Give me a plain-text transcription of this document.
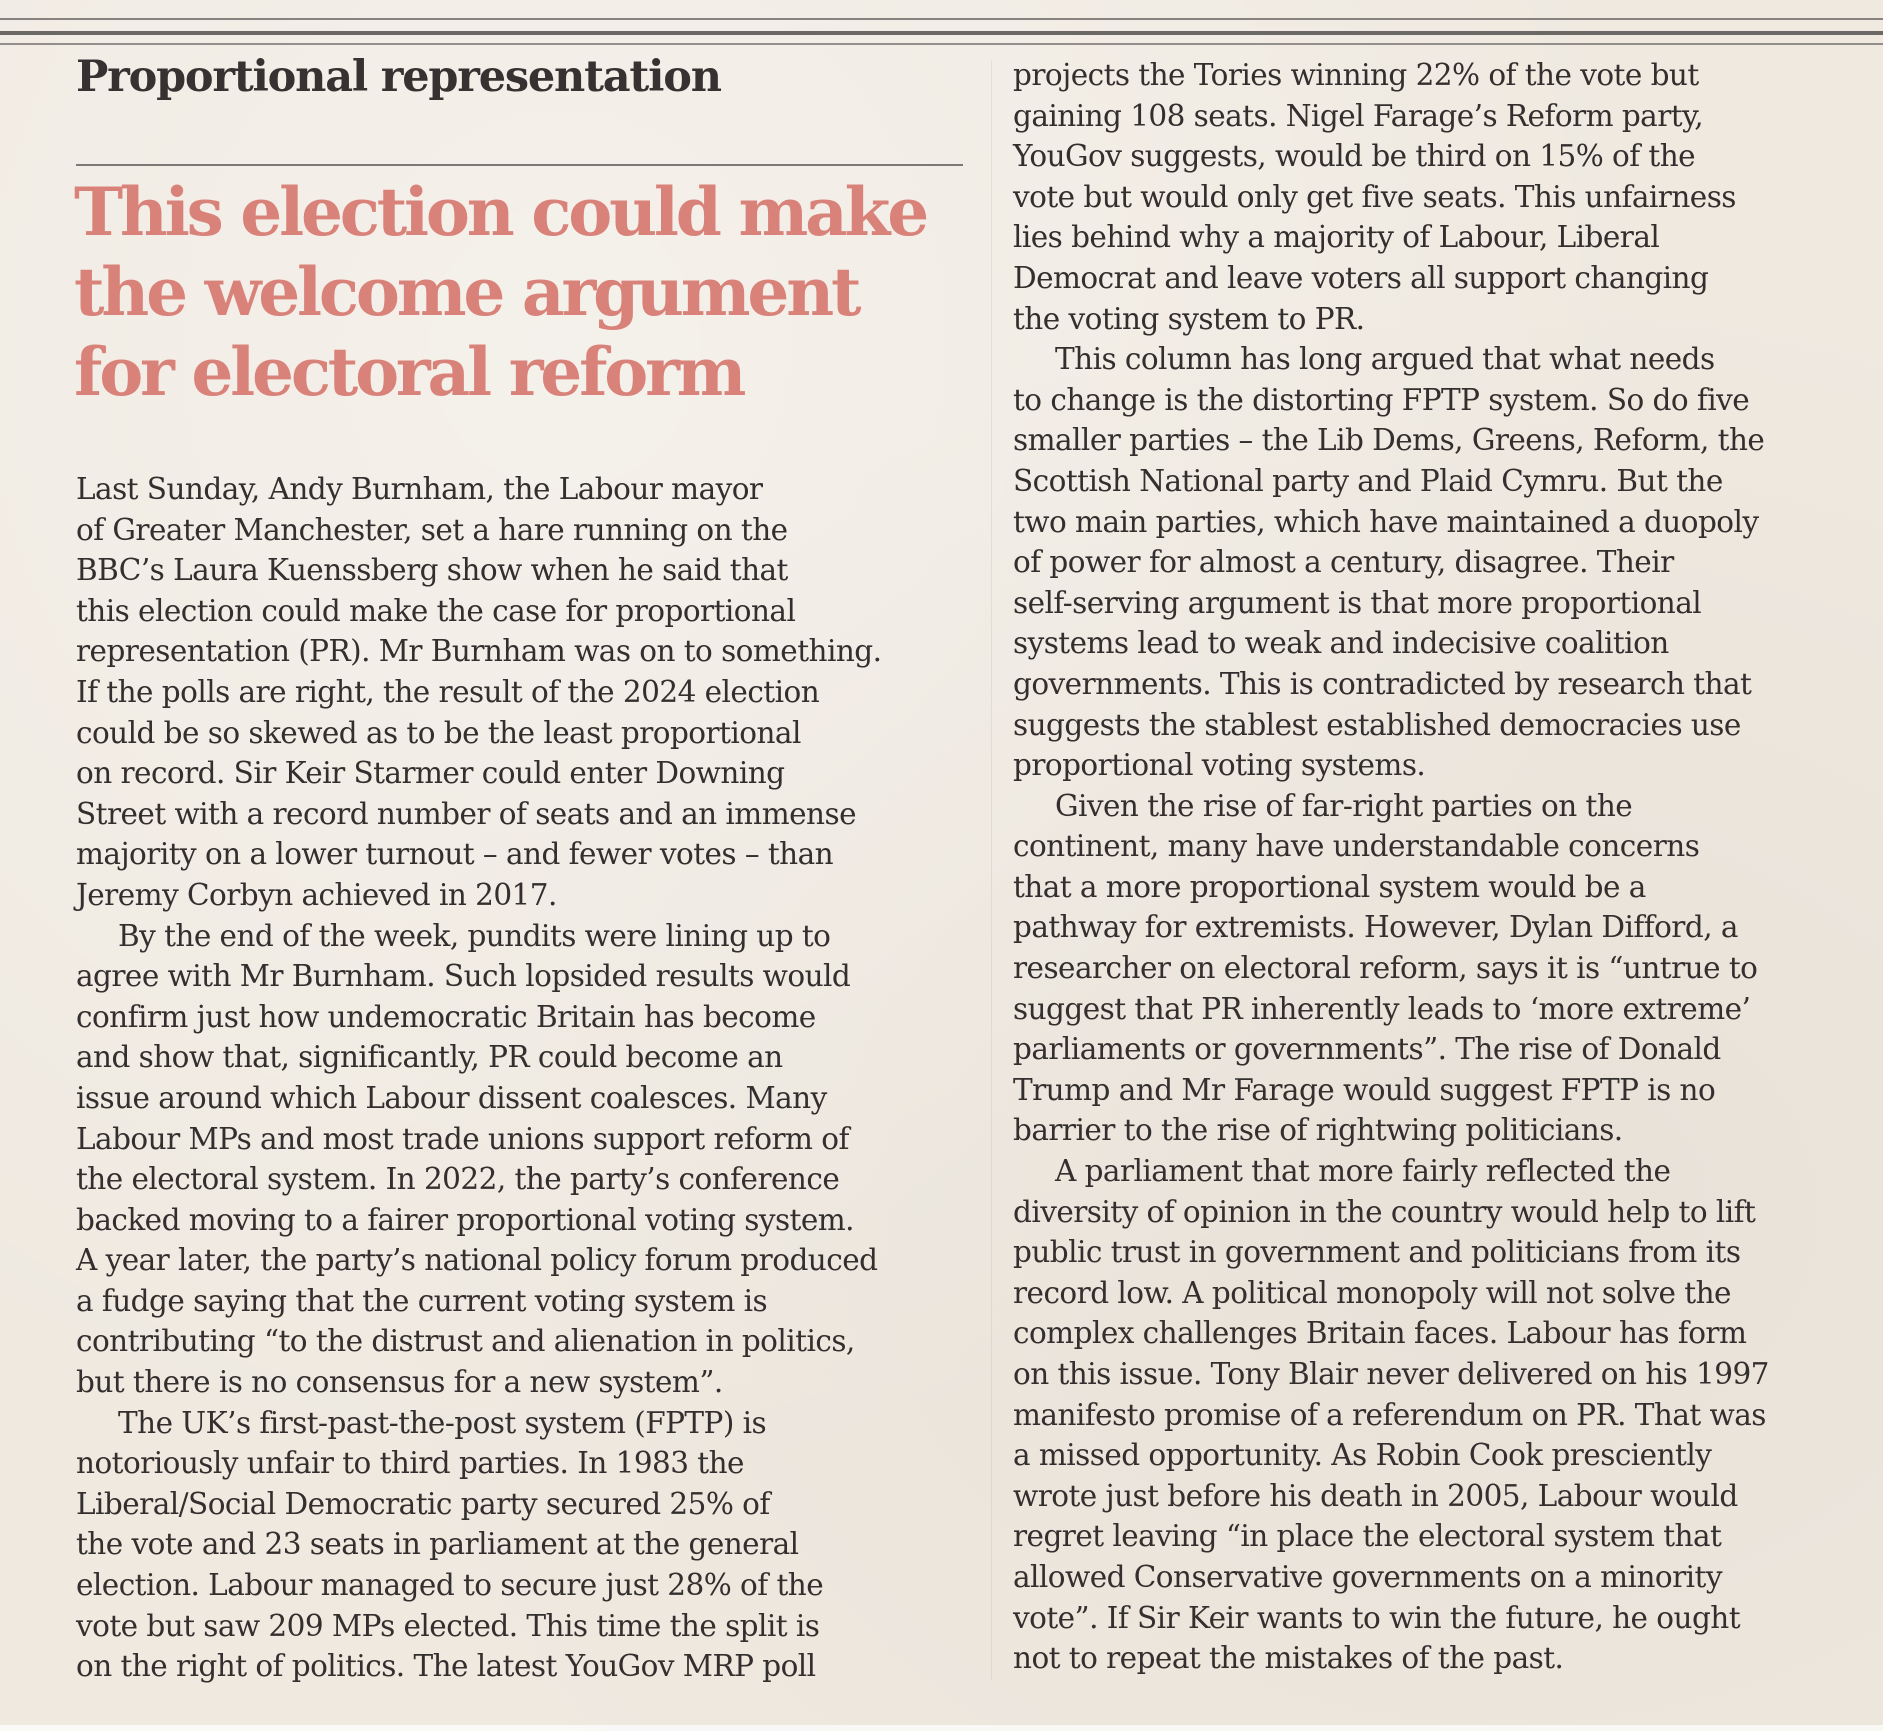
Proportional representation
This election could make
the welcome argument
for electoral reform
Last Sunday, Andy Burnham, the Labour mayor
of Greater Manchester, set a hare running on the
BBC’s Laura Kuenssberg show when he said that
this election could make the case for proportional
representation (PR). Mr Burnham was on to something.
If the polls are right, the result of the 2024 election
could be so skewed as to be the least proportional
on record. Sir Keir Starmer could enter Downing
Street with a record number of seats and an immense
majority on a lower turnout – and fewer votes – than
Jeremy Corbyn achieved in 2017.
By the end of the week, pundits were lining up to
agree with Mr Burnham. Such lopsided results would
confirm just how undemocratic Britain has become
and show that, significantly, PR could become an
issue around which Labour dissent coalesces. Many
Labour MPs and most trade unions support reform of
the electoral system. In 2022, the party’s conference
backed moving to a fairer proportional voting system.
A year later, the party’s national policy forum produced
a fudge saying that the current voting system is
contributing “to the distrust and alienation in politics,
but there is no consensus for a new system”.
The UK’s first-past-the-post system (FPTP) is
notoriously unfair to third parties. In 1983 the
Liberal/Social Democratic party secured 25% of
the vote and 23 seats in parliament at the general
election. Labour managed to secure just 28% of the
vote but saw 209 MPs elected. This time the split is
on the right of politics. The latest YouGov MRP poll
projects the Tories winning 22% of the vote but
gaining 108 seats. Nigel Farage’s Reform party,
YouGov suggests, would be third on 15% of the
vote but would only get five seats. This unfairness
lies behind why a majority of Labour, Liberal
Democrat and leave voters all support changing
the voting system to PR.
This column has long argued that what needs
to change is the distorting FPTP system. So do five
smaller parties – the Lib Dems, Greens, Reform, the
Scottish National party and Plaid Cymru. But the
two main parties, which have maintained a duopoly
of power for almost a century, disagree. Their
self-serving argument is that more proportional
systems lead to weak and indecisive coalition
governments. This is contradicted by research that
suggests the stablest established democracies use
proportional voting systems.
Given the rise of far-right parties on the
continent, many have understandable concerns
that a more proportional system would be a
pathway for extremists. However, Dylan Difford, a
researcher on electoral reform, says it is “untrue to
suggest that PR inherently leads to ‘more extreme’
parliaments or governments”. The rise of Donald
Trump and Mr Farage would suggest FPTP is no
barrier to the rise of rightwing politicians.
A parliament that more fairly reflected the
diversity of opinion in the country would help to lift
public trust in government and politicians from its
record low. A political monopoly will not solve the
complex challenges Britain faces. Labour has form
on this issue. Tony Blair never delivered on his 1997
manifesto promise of a referendum on PR. That was
a missed opportunity. As Robin Cook presciently
wrote just before his death in 2005, Labour would
regret leaving “in place the electoral system that
allowed Conservative governments on a minority
vote”. If Sir Keir wants to win the future, he ought
not to repeat the mistakes of the past.
